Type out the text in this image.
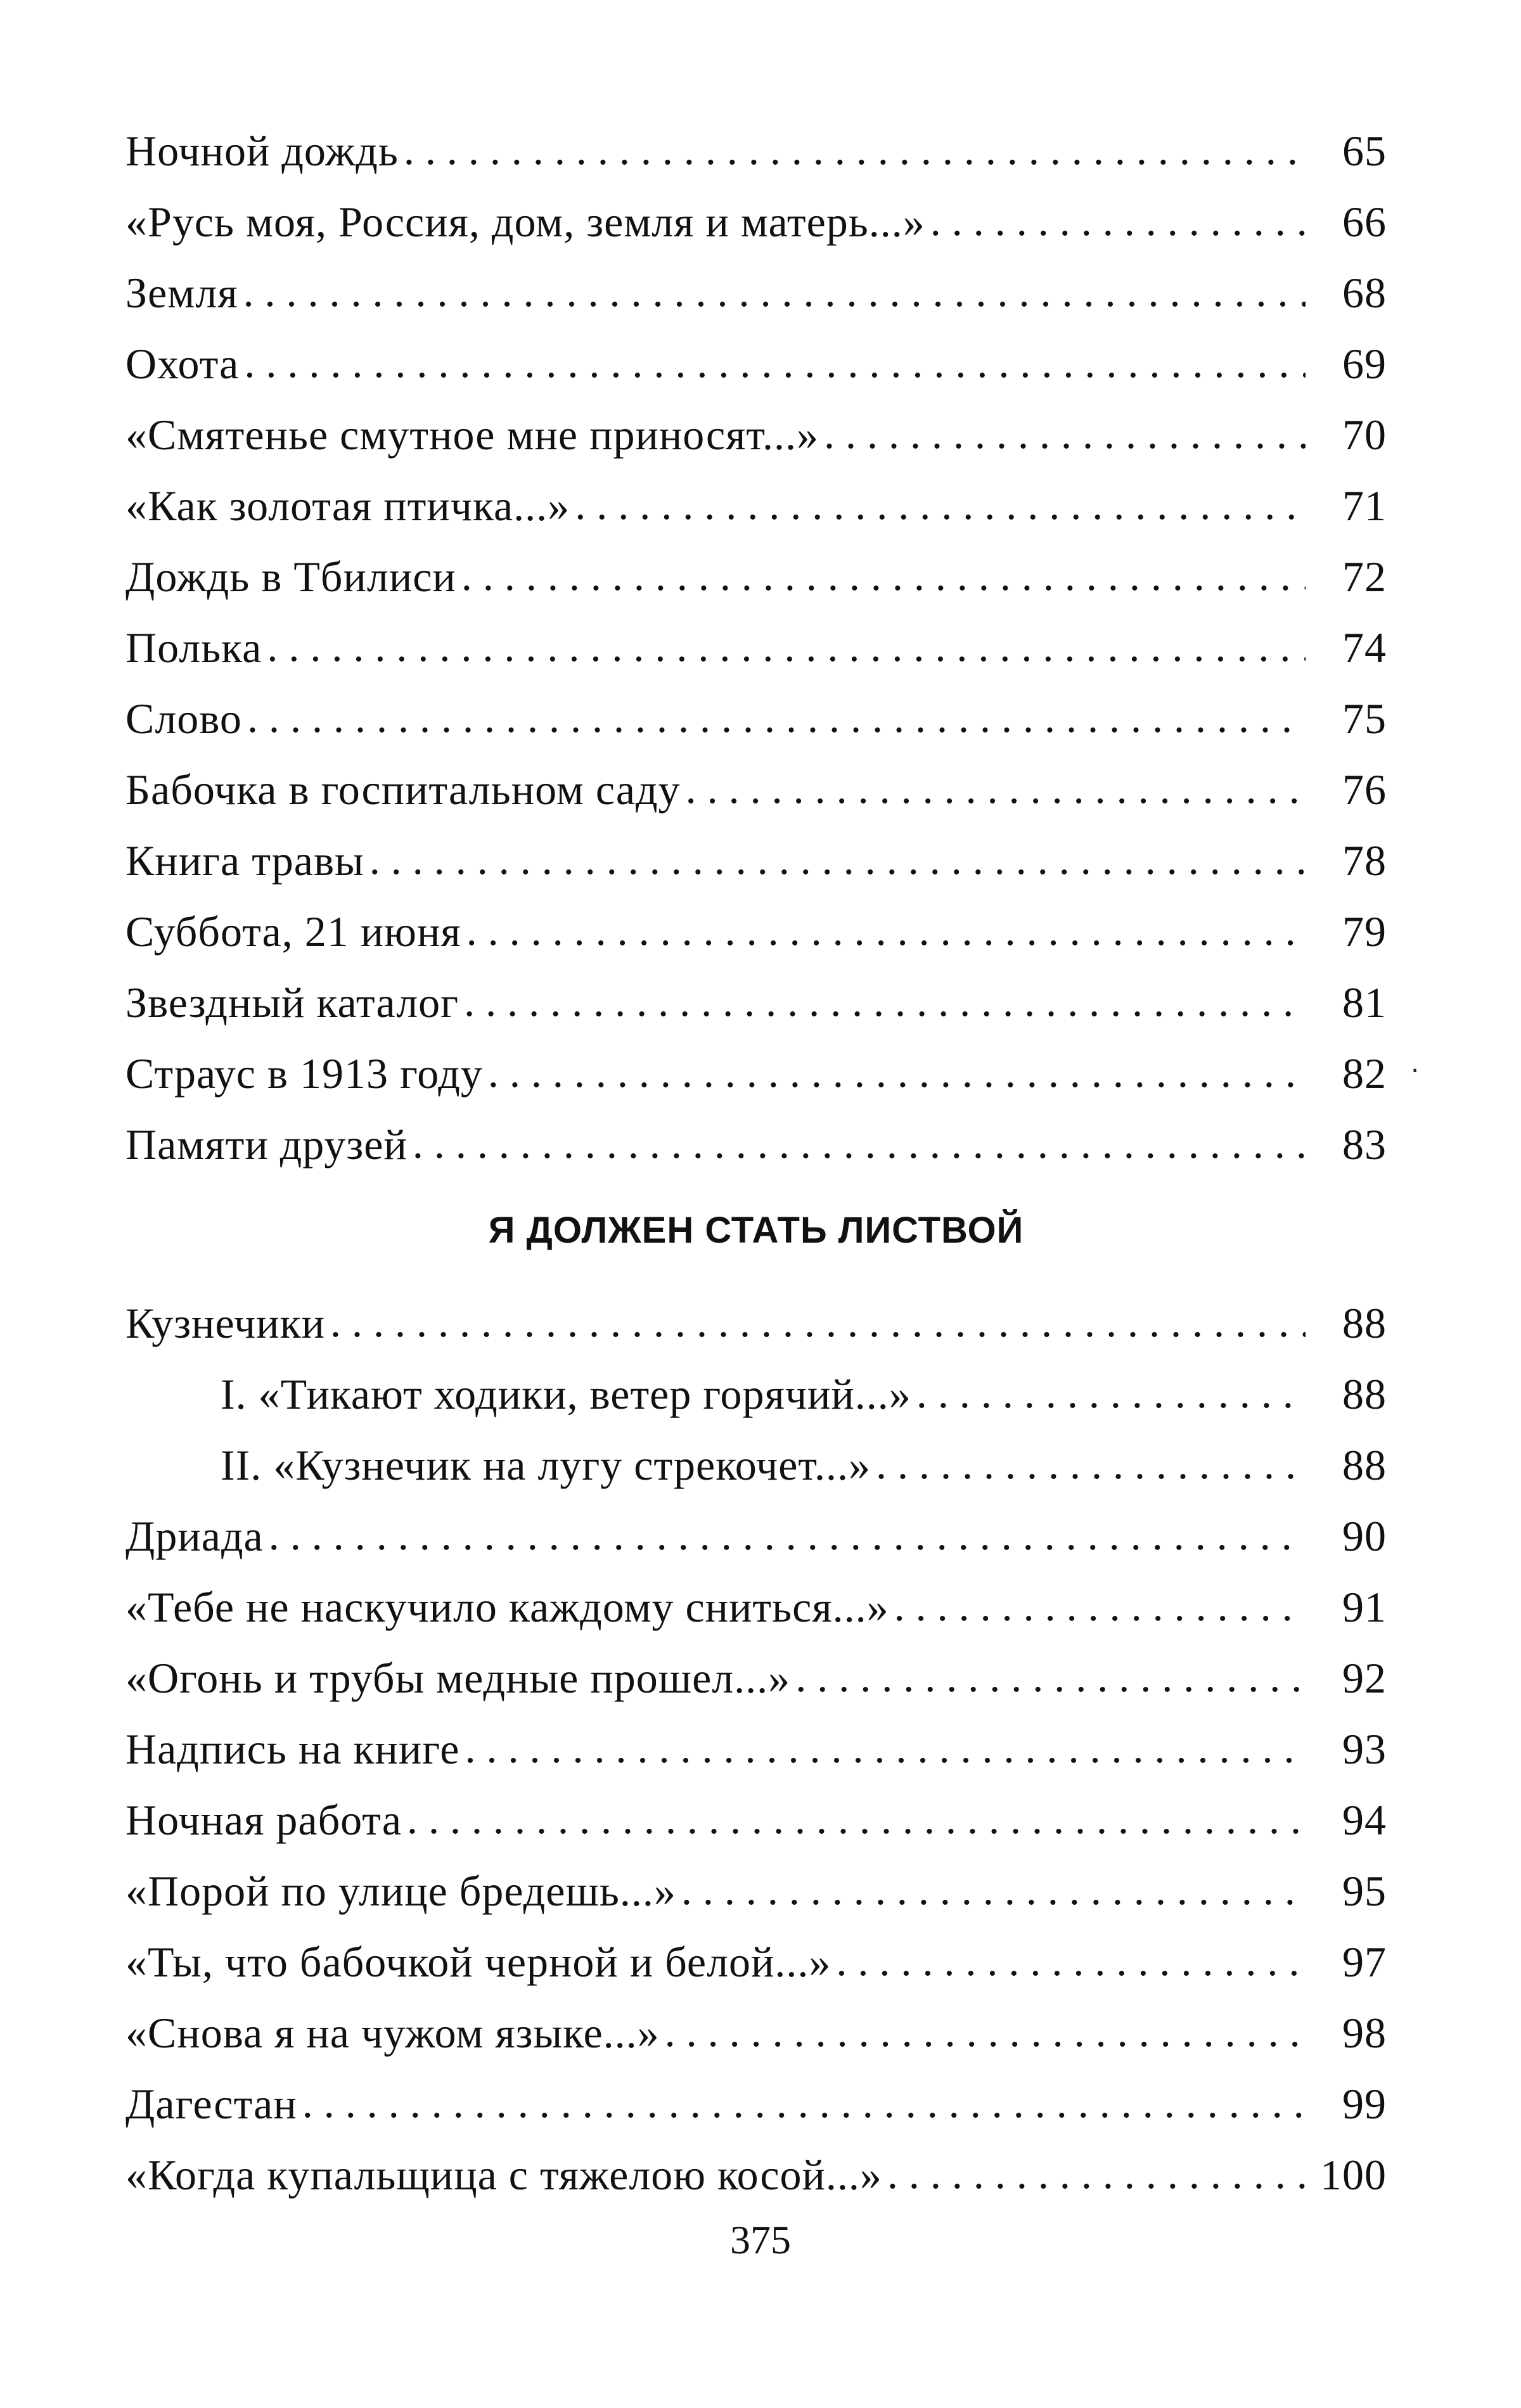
Ночной дождь . . .	65
«Русь моя, Россия, дом, земля и матерь...» . . .	66
Земля . . .	68
Охота . . .	69
«Смятенье смутное мне приносят...» . . .	70
«Как золотая птичка...» . . .	71
Дождь в Тбилиси . . .	72
Полька . . .	74
Слово . . .	75
Бабочка в госпитальном саду . . .	76
Книга травы . . .	78
Суббота, 21 июня . . .	79
Звездный каталог . . .	81
Страус в 1913 году . . .	82
Памяти друзей . . .	83
Я ДОЛЖЕН СТАТЬ ЛИСТВОЙ
Кузнечики . . .	88
I. «Тикают ходики, ветер горячий...» . . .	88
II. «Кузнечик на лугу стрекочет...» . . .	88
Дриада . . .	90
«Тебе не наскучило каждому сниться...» . . .	91
«Огонь и трубы медные прошел...» . . .	92
Надпись на книге . . .	93
Ночная работа . . .	94
«Порой по улице бредешь...» . . .	95
«Ты, что бабочкой черной и белой...» . . .	97
«Снова я на чужом языке...» . . .	98
Дагестан . . .	99
«Когда купальщица с тяжелою косой...» . . .	100
·
375
